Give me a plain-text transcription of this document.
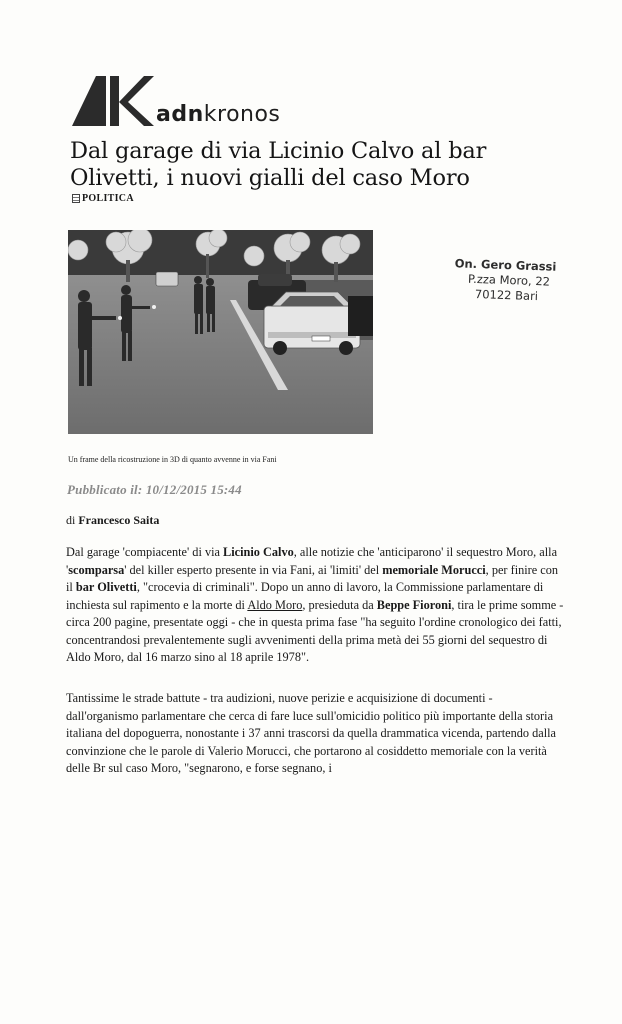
adnkronos
Dal garage di via Licinio Calvo al bar Olivetti, i nuovi gialli del caso Moro
POLITICA
On. Gero Grassi
P.zza Moro, 22
70122 Bari
Un frame della ricostruzione in 3D di quanto avvenne in via Fani
Pubblicato il: 10/12/2015 15:44
di Francesco Saita

Dal garage 'compiacente' di via Licinio Calvo, alle notizie che 'anticiparono' il sequestro Moro, alla 'scomparsa' del killer esperto presente in via Fani, ai 'limiti' del memoriale Morucci, per finire con il bar Olivetti, "crocevia di criminali". Dopo un anno di lavoro, la Commissione parlamentare di inchiesta sul rapimento e la morte di Aldo Moro, presieduta da Beppe Fioroni, tira le prime somme - circa 200 pagine, presentate oggi - che in questa prima fase "ha seguito l'ordine cronologico dei fatti, concentrandosi prevalentemente sugli avvenimenti della prima metà dei 55 giorni del sequestro di Aldo Moro, dal 16 marzo sino al 18 aprile 1978".

Tantissime le strade battute - tra audizioni, nuove perizie e acquisizione di documenti - dall'organismo parlamentare che cerca di fare luce sull'omicidio politico più importante della storia italiana del dopoguerra, nonostante i 37 anni trascorsi da quella drammatica vicenda, partendo dalla convinzione che le parole di Valerio Morucci, che portarono al cosiddetto memoriale con la verità delle Br sul caso Moro, "segnarono, e forse segnano, i
